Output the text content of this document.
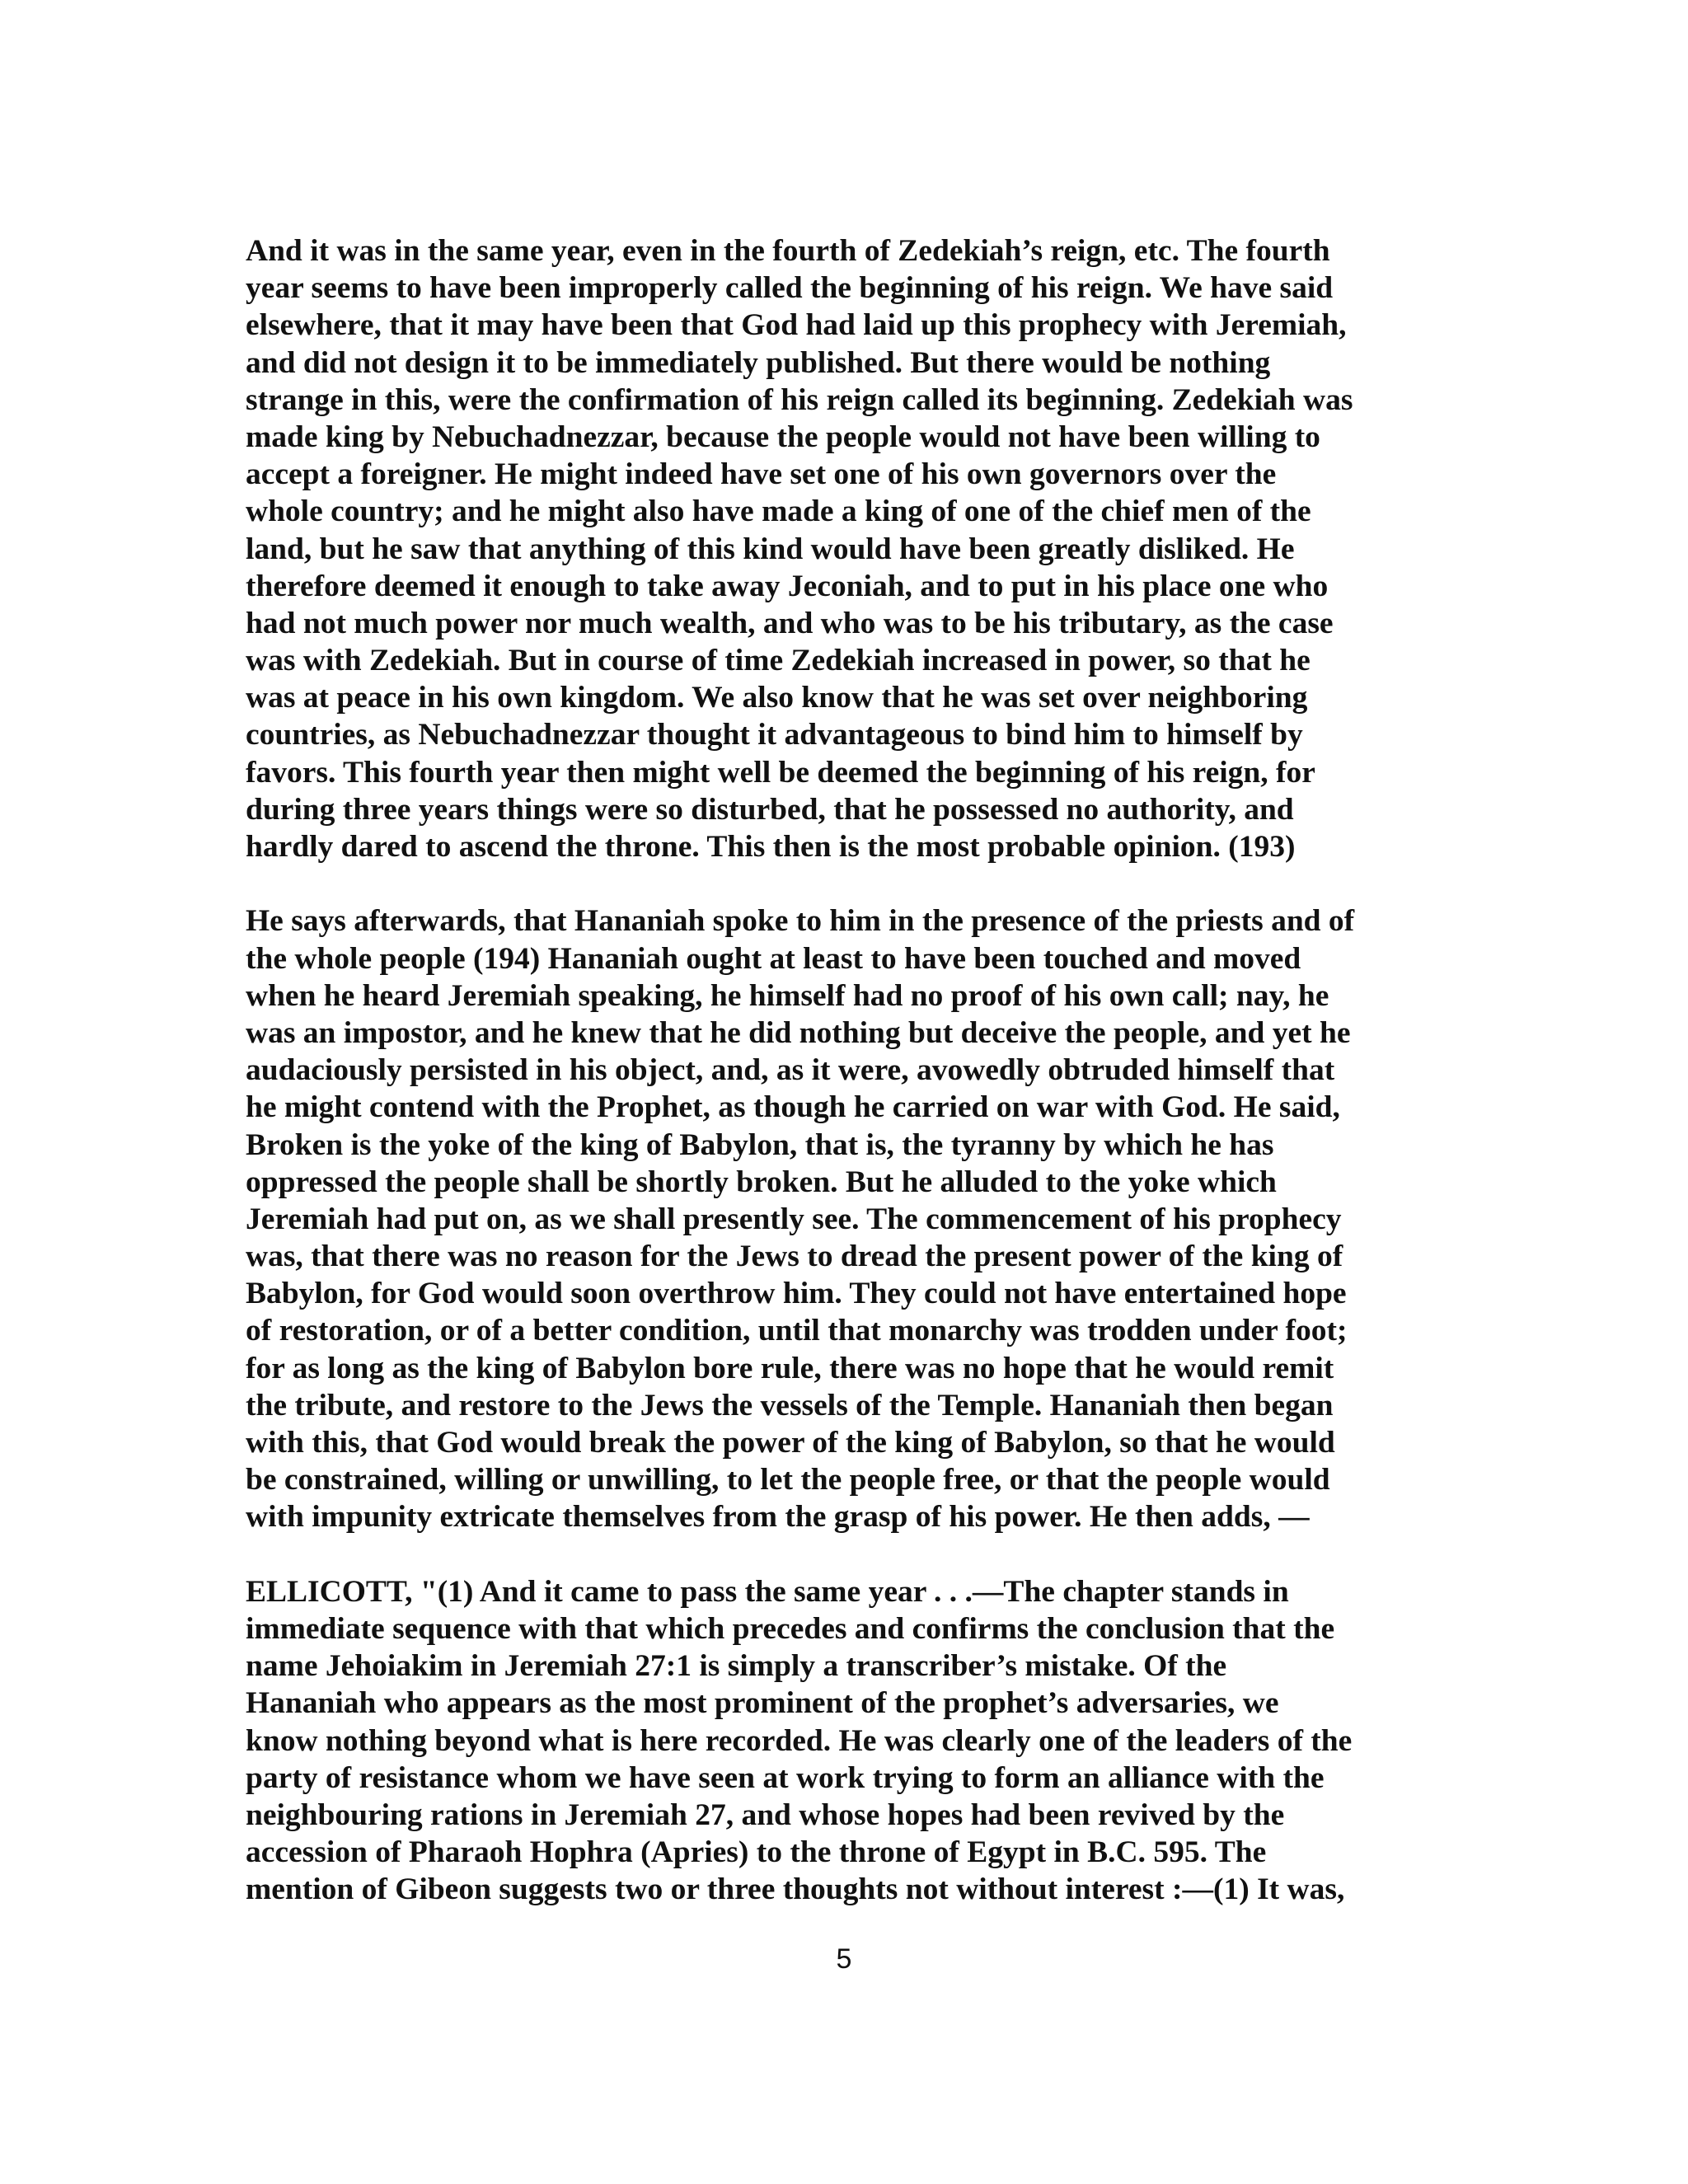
And it was in the same year, even in the fourth of Zedekiah’s reign, etc. The fourth
year seems to have been improperly called the beginning of his reign. We have said
elsewhere, that it may have been that God had laid up this prophecy with Jeremiah,
and did not design it to be immediately published. But there would be nothing
strange in this, were the confirmation of his reign called its beginning. Zedekiah was
made king by Nebuchadnezzar, because the people would not have been willing to
accept a foreigner. He might indeed have set one of his own governors over the
whole country; and he might also have made a king of one of the chief men of the
land, but he saw that anything of this kind would have been greatly disliked. He
therefore deemed it enough to take away Jeconiah, and to put in his place one who
had not much power nor much wealth, and who was to be his tributary, as the case
was with Zedekiah. But in course of time Zedekiah increased in power, so that he
was at peace in his own kingdom. We also know that he was set over neighboring
countries, as Nebuchadnezzar thought it advantageous to bind him to himself by
favors. This fourth year then might well be deemed the beginning of his reign, for
during three years things were so disturbed, that he possessed no authority, and
hardly dared to ascend the throne. This then is the most probable opinion. (193)
He says afterwards, that Hananiah spoke to him in the presence of the priests and of
the whole people (194) Hananiah ought at least to have been touched and moved
when he heard Jeremiah speaking, he himself had no proof of his own call; nay, he
was an impostor, and he knew that he did nothing but deceive the people, and yet he
audaciously persisted in his object, and, as it were, avowedly obtruded himself that
he might contend with the Prophet, as though he carried on war with God. He said,
Broken is the yoke of the king of Babylon, that is, the tyranny by which he has
oppressed the people shall be shortly broken. But he alluded to the yoke which
Jeremiah had put on, as we shall presently see. The commencement of his prophecy
was, that there was no reason for the Jews to dread the present power of the king of
Babylon, for God would soon overthrow him. They could not have entertained hope
of restoration, or of a better condition, until that monarchy was trodden under foot;
for as long as the king of Babylon bore rule, there was no hope that he would remit
the tribute, and restore to the Jews the vessels of the Temple. Hananiah then began
with this, that God would break the power of the king of Babylon, so that he would
be constrained, willing or unwilling, to let the people free, or that the people would
with impunity extricate themselves from the grasp of his power. He then adds, —
ELLICOTT, "(1) And it came to pass the same year . . .—The chapter stands in
immediate sequence with that which precedes and confirms the conclusion that the
name Jehoiakim in Jeremiah 27:1 is simply a transcriber’s mistake. Of the
Hananiah who appears as the most prominent of the prophet’s adversaries, we
know nothing beyond what is here recorded. He was clearly one of the leaders of the
party of resistance whom we have seen at work trying to form an alliance with the
neighbouring rations in Jeremiah 27, and whose hopes had been revived by the
accession of Pharaoh Hophra (Apries) to the throne of Egypt in B.C. 595. The
mention of Gibeon suggests two or three thoughts not without interest :—(1) It was,
5
